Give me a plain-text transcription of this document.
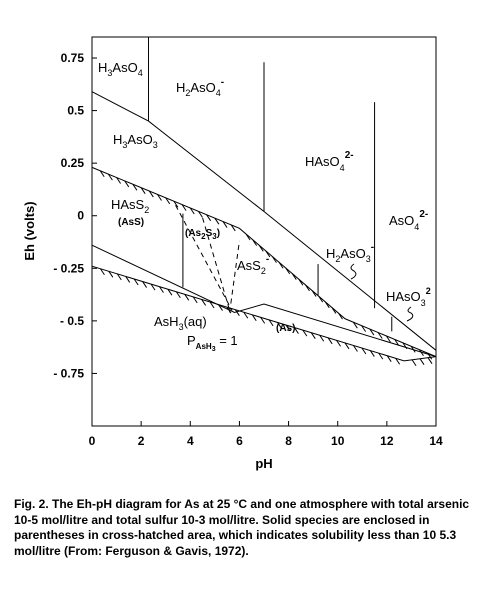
0	2	4	6	8	10	12	14
0.75
0.5
0.25
0
- 0.25
- 0.5
- 0.75
pH
Eh (volts)
$H_3AsO_4$
$H_2AsO_4^-$
$H_3AsO_3$
HAsO$_4^{2-}$
AsO$_4^{2-}$
HAsS$_2$
(AsS)
$(As_2S_3)$
AsS$_2$-	$H_2AsO_3^-$
HAsO$_3^2$
AsH$_3$(aq)	(As)
$P_{AsH}3 = 1$

Fig. 2. The Eh-pH diagram for As at 25 °C and one atmosphere with total arsenic 10-5 mol/litre and total sulfur 10-3 mol/litre. Solid species are enclosed in parentheses in cross-hatched area, which indicates solubility less than 10 5.3 mol/litre (From: Ferguson & Gavis, 1972).
